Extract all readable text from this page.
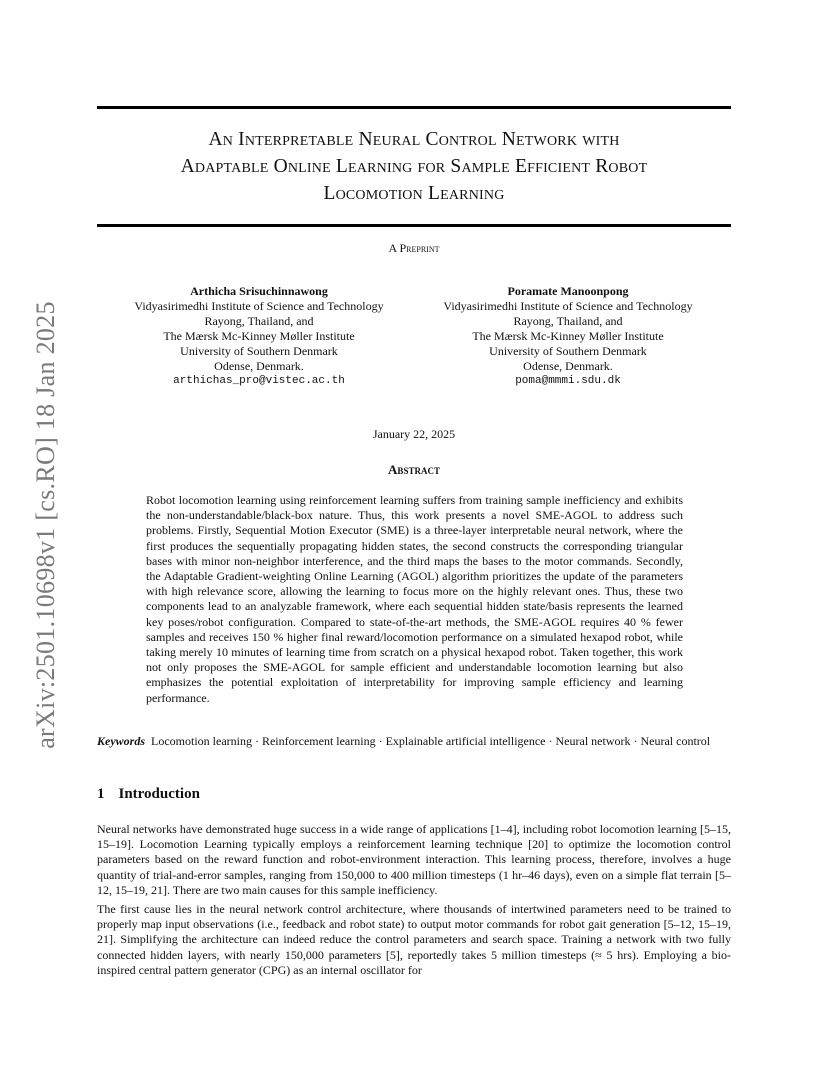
arXiv:2501.10698v1 [cs.RO] 18 Jan 2025
An Interpretable Neural Control Network with
Adaptable Online Learning for Sample Efficient Robot
Locomotion Learning
A Preprint
Arthicha Srisuchinnawong
Vidyasirimedhi Institute of Science and Technology
Rayong, Thailand, and
The Mærsk Mc-Kinney Møller Institute
University of Southern Denmark
Odense, Denmark.
arthichas_pro@vistec.ac.th
Poramate Manoonpong
Vidyasirimedhi Institute of Science and Technology
Rayong, Thailand, and
The Mærsk Mc-Kinney Møller Institute
University of Southern Denmark
Odense, Denmark.
poma@mmmi.sdu.dk
January 22, 2025
Abstract

Robot locomotion learning using reinforcement learning suffers from training sample inefficiency and exhibits the non-understandable/black-box nature. Thus, this work presents a novel SME-AGOL to address such problems. Firstly, Sequential Motion Executor (SME) is a three-layer interpretable neural network, where the first produces the sequentially propagating hidden states, the second constructs the corresponding triangular bases with minor non-neighbor interference, and the third maps the bases to the motor commands. Secondly, the Adaptable Gradient-weighting Online Learning (AGOL) algorithm prioritizes the update of the parameters with high relevance score, allowing the learning to focus more on the highly relevant ones. Thus, these two components lead to an analyzable framework, where each sequential hidden state/basis represents the learned key poses/robot configuration. Compared to state-of-the-art methods, the SME-AGOL requires 40 % fewer samples and receives 150 % higher final reward/locomotion performance on a simulated hexapod robot, while taking merely 10 minutes of learning time from scratch on a physical hexapod robot. Taken together, this work not only proposes the SME-AGOL for sample efficient and understandable locomotion learning but also emphasizes the potential exploitation of interpretability for improving sample efficiency and learning performance.

Keywords Locomotion learning · Reinforcement learning · Explainable artificial intelligence · Neural network · Neural control

1 Introduction

Neural networks have demonstrated huge success in a wide range of applications [1–4], including robot locomotion learning [5–15, 15–19]. Locomotion Learning typically employs a reinforcement learning technique [20] to optimize the locomotion control parameters based on the reward function and robot-environment interaction. This learning process, therefore, involves a huge quantity of trial-and-error samples, ranging from 150,000 to 400 million timesteps (1 hr–46 days), even on a simple flat terrain [5–12, 15–19, 21]. There are two main causes for this sample inefficiency.

The first cause lies in the neural network control architecture, where thousands of intertwined parameters need to be trained to properly map input observations (i.e., feedback and robot state) to output motor commands for robot gait generation [5–12, 15–19, 21]. Simplifying the architecture can indeed reduce the control parameters and search space. Training a network with two fully connected hidden layers, with nearly 150,000 parameters [5], reportedly takes 5 million timesteps (≈ 5 hrs). Employing a bio-inspired central pattern generator (CPG) as an internal oscillator for
